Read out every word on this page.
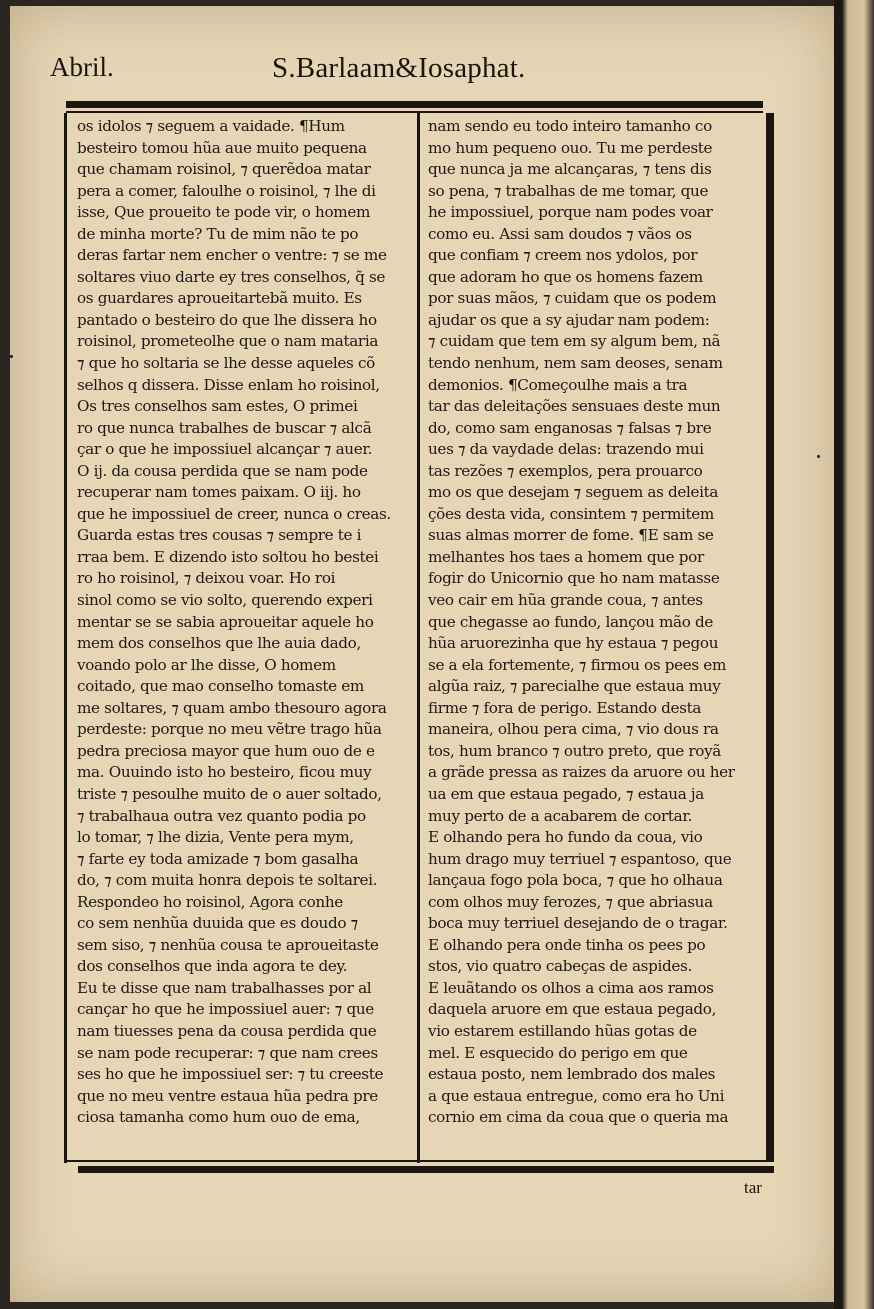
Abril.	S.Barlaam&Iosaphat.
os idolos ⁊ seguem a vaidade. ¶Hum
besteiro tomou hũa aue muito pequena
que chamam roisinol, ⁊ querẽdoa matar
pera a comer, faloulhe o roisinol, ⁊ lhe di
isse, Que proueito te pode vir, o homem
de minha morte? Tu de mim não te po
deras fartar nem encher o ventre: ⁊ se me
soltares viuo darte ey tres conselhos, q̃ se
os guardares aproueitartebã muito. Es
pantado o besteiro do que lhe dissera ho
roisinol, prometeolhe que o nam mataria
⁊ que ho soltaria se lhe desse aqueles cõ
selhos q dissera. Disse enlam ho roisinol,
Os tres conselhos sam estes, O primei
ro que nunca trabalhes de buscar ⁊ alcã
çar o que he impossiuel alcançar ⁊ auer.
O ij. da cousa perdida que se nam pode
recuperar nam tomes paixam. O iij. ho
que he impossiuel de creer, nunca o creas.
Guarda estas tres cousas ⁊ sempre te i
rraa bem. E dizendo isto soltou ho bestei
ro ho roisinol, ⁊ deixou voar. Ho roi
sinol como se vio solto, querendo experi
mentar se se sabia aproueitar aquele ho
mem dos conselhos que lhe auia dado,
voando polo ar lhe disse, O homem
coitado, que mao conselho tomaste em
me soltares, ⁊ quam ambo thesouro agora
perdeste: porque no meu vẽtre trago hũa
pedra preciosa mayor que hum ouo de e
ma. Ouuindo isto ho besteiro, ficou muy
triste ⁊ pesoulhe muito de o auer soltado,
⁊ trabalhaua outra vez quanto podia po
lo tomar, ⁊ lhe dizia, Vente pera mym,
⁊ farte ey toda amizade ⁊ bom gasalha
do, ⁊ com muita honra depois te soltarei.
Respondeo ho roisinol, Agora conhe
co sem nenhũa duuida que es doudo ⁊
sem siso, ⁊ nenhũa cousa te aproueitaste
dos conselhos que inda agora te dey.
Eu te disse que nam trabalhasses por al
cançar ho que he impossiuel auer: ⁊ que
nam tiuesses pena da cousa perdida que
se nam pode recuperar: ⁊ que nam crees
ses ho que he impossiuel ser: ⁊ tu creeste
que no meu ventre estaua hũa pedra pre
ciosa tamanha como hum ouo de ema,
nam sendo eu todo inteiro tamanho co
mo hum pequeno ouo. Tu me perdeste
que nunca ja me alcançaras, ⁊ tens dis
so pena, ⁊ trabalhas de me tomar, que
he impossiuel, porque nam podes voar
como eu. Assi sam doudos ⁊ vãos os
que confiam ⁊ creem nos ydolos, por
que adoram ho que os homens fazem
por suas mãos, ⁊ cuidam que os podem
ajudar os que a sy ajudar nam podem:
⁊ cuidam que tem em sy algum bem, nã
tendo nenhum, nem sam deoses, senam
demonios. ¶Começoulhe mais a tra
tar das deleitações sensuaes deste mun
do, como sam enganosas ⁊ falsas ⁊ bre
ues ⁊ da vaydade delas: trazendo mui
tas rezões ⁊ exemplos, pera prouarco
mo os que desejam ⁊ seguem as deleita
ções desta vida, consintem ⁊ permitem
suas almas morrer de fome. ¶E sam se
melhantes hos taes a homem que por
fogir do Unicornio que ho nam matasse
veo cair em hũa grande coua, ⁊ antes
que chegasse ao fundo, lançou mão de
hũa aruorezinha que hy estaua ⁊ pegou
se a ela fortemente, ⁊ firmou os pees em
algũa raiz, ⁊ parecialhe que estaua muy
firme ⁊ fora de perigo. Estando desta
maneira, olhou pera cima, ⁊ vio dous ra
tos, hum branco ⁊ outro preto, que royã
a grãde pressa as raizes da aruore ou her
ua em que estaua pegado, ⁊ estaua ja
muy perto de a acabarem de cortar.
E olhando pera ho fundo da coua, vio
hum drago muy terriuel ⁊ espantoso, que
lançaua fogo pola boca, ⁊ que ho olhaua
com olhos muy ferozes, ⁊ que abriasua
boca muy terriuel desejando de o tragar.
E olhando pera onde tinha os pees po
stos, vio quatro cabeças de aspides.
E leuãtando os olhos a cima aos ramos
daquela aruore em que estaua pegado,
vio estarem estillando hũas gotas de
mel. E esquecido do perigo em que
estaua posto, nem lembrado dos males
a que estaua entregue, como era ho Uni
cornio em cima da coua que o queria ma
tar
